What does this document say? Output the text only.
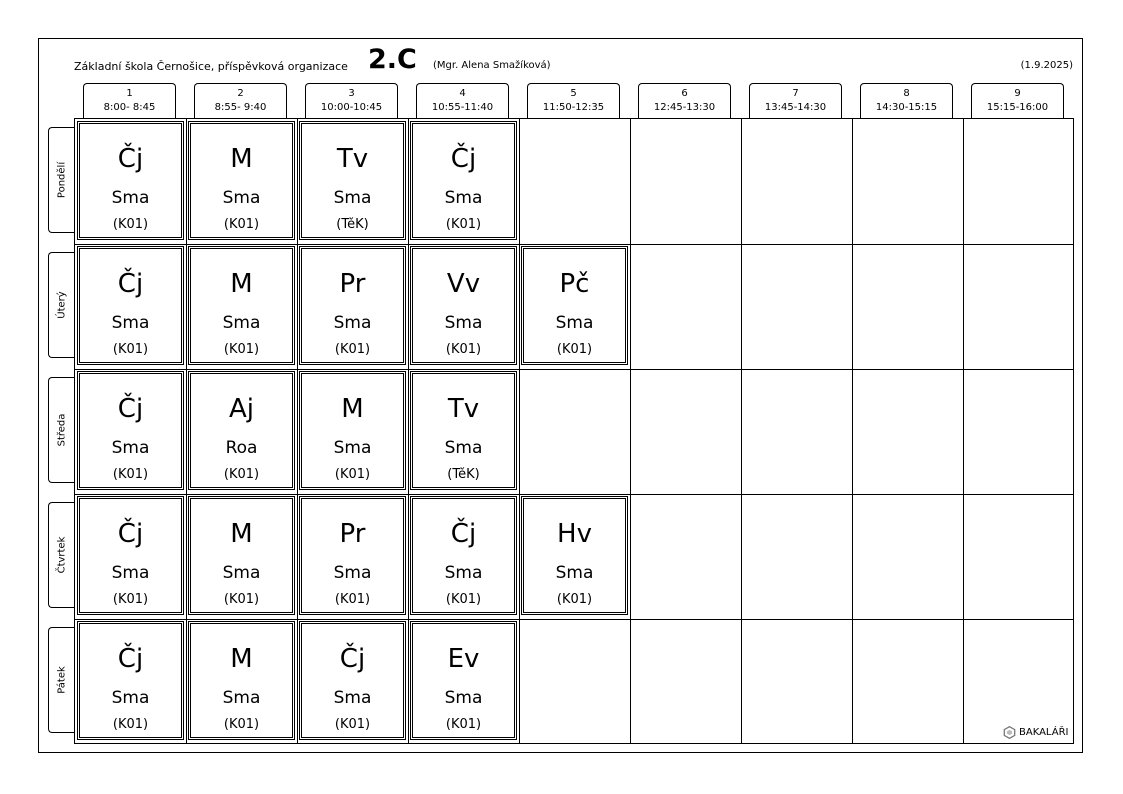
Základní škola Černošice, příspěvková organizace 2.C (Mgr. Alena Smažíková)	(1.9.2025)
1
8:00- 8:45
2
8:55- 9:40
3
10:00-10:45
4
10:55-11:40
5
11:50-12:35
6
12:45-13:30
7
13:45-14:30
8
14:30-15:15
9
15:15-16:00
Pondělí
Úterý
Středa
Čtvrtek
Pátek
Čj
Sma
(K01)
M
Sma
(K01)
Tv
Sma
(TěK)
Čj
Sma
(K01)
Čj
Sma
(K01)
M
Sma
(K01)
Pr
Sma
(K01)
Vv
Sma
(K01)
Pč
Sma
(K01)
Čj
Sma
(K01)
Aj
Roa
(K01)
M
Sma
(K01)
Tv
Sma
(TěK)
Čj
Sma
(K01)
M
Sma
(K01)
Pr
Sma
(K01)
Čj
Sma
(K01)
Hv
Sma
(K01)
Čj
Sma
(K01)
M
Sma
(K01)
Čj
Sma
(K01)
Ev
Sma
(K01)
BAKALÁŘI
